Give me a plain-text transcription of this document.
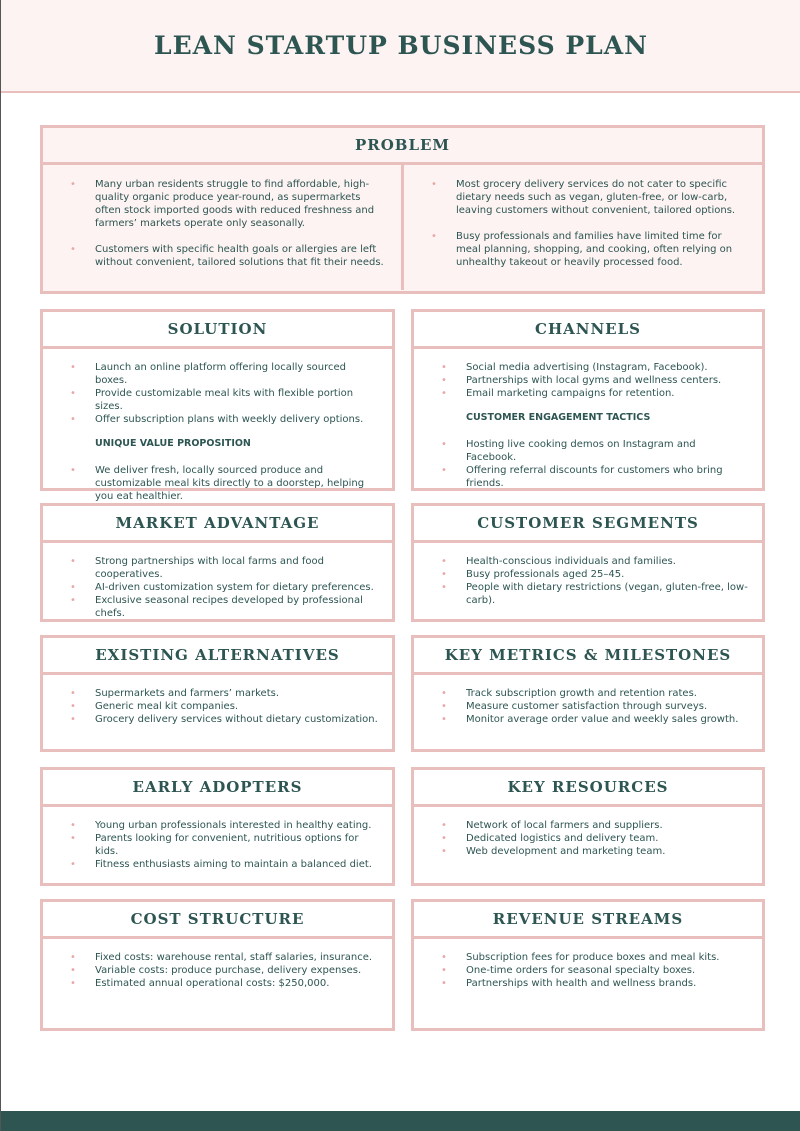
LEAN STARTUP BUSINESS PLAN
PROBLEM
• Many urban residents struggle to find affordable, high-quality organic produce year-round, as supermarkets often stock imported goods with reduced freshness and farmers’ markets operate only seasonally.
• Customers with specific health goals or allergies are left without convenient, tailored solutions that fit their needs.
• Most grocery delivery services do not cater to specific dietary needs such as vegan, gluten-free, or low-carb, leaving customers without convenient, tailored options.
• Busy professionals and families have limited time for meal planning, shopping, and cooking, often relying on unhealthy takeout or heavily processed food.
SOLUTION
• Launch an online platform offering locally sourced boxes.
• Provide customizable meal kits with flexible portion sizes.
• Offer subscription plans with weekly delivery options.
UNIQUE VALUE PROPOSITION
• We deliver fresh, locally sourced produce and customizable meal kits directly to a doorstep, helping you eat healthier.
CHANNELS
• Social media advertising (Instagram, Facebook).
• Partnerships with local gyms and wellness centers.
• Email marketing campaigns for retention.
CUSTOMER ENGAGEMENT TACTICS
• Hosting live cooking demos on Instagram and Facebook.
• Offering referral discounts for customers who bring friends.
MARKET ADVANTAGE
• Strong partnerships with local farms and food cooperatives.
• AI-driven customization system for dietary preferences.
• Exclusive seasonal recipes developed by professional chefs.
CUSTOMER SEGMENTS
• Health-conscious individuals and families.
• Busy professionals aged 25–45.
• People with dietary restrictions (vegan, gluten-free, low-carb).
EXISTING ALTERNATIVES
• Supermarkets and farmers’ markets.
• Generic meal kit companies.
• Grocery delivery services without dietary customization.
KEY METRICS & MILESTONES
• Track subscription growth and retention rates.
• Measure customer satisfaction through surveys.
• Monitor average order value and weekly sales growth.
EARLY ADOPTERS
• Young urban professionals interested in healthy eating.
• Parents looking for convenient, nutritious options for kids.
• Fitness enthusiasts aiming to maintain a balanced diet.
KEY RESOURCES
• Network of local farmers and suppliers.
• Dedicated logistics and delivery team.
• Web development and marketing team.
COST STRUCTURE
• Fixed costs: warehouse rental, staff salaries, insurance.
• Variable costs: produce purchase, delivery expenses.
• Estimated annual operational costs: $250,000.
REVENUE STREAMS
• Subscription fees for produce boxes and meal kits.
• One-time orders for seasonal specialty boxes.
• Partnerships with health and wellness brands.
